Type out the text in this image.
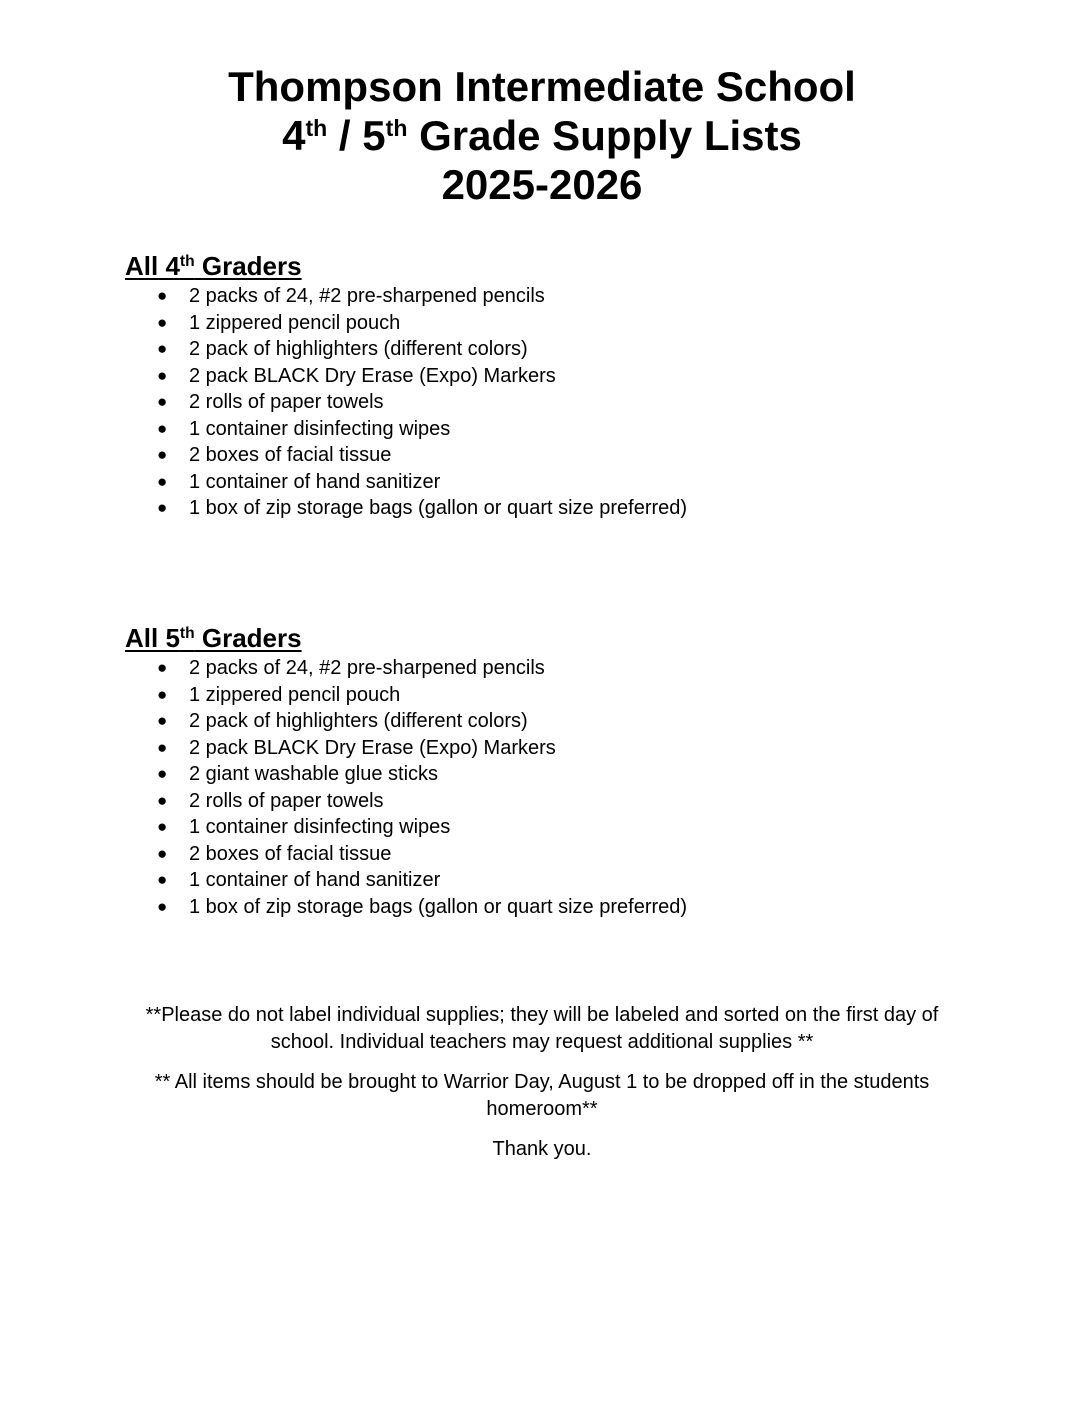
Thompson Intermediate School
4th / 5th Grade Supply Lists
2025-2026
All 4th Graders
● 2 packs of 24, #2 pre-sharpened pencils
● 1 zippered pencil pouch
● 2 pack of highlighters (different colors)
● 2 pack BLACK Dry Erase (Expo) Markers
● 2 rolls of paper towels
● 1 container disinfecting wipes
● 2 boxes of facial tissue
● 1 container of hand sanitizer
● 1 box of zip storage bags (gallon or quart size preferred)
All 5th Graders
● 2 packs of 24, #2 pre-sharpened pencils
● 1 zippered pencil pouch
● 2 pack of highlighters (different colors)
● 2 pack BLACK Dry Erase (Expo) Markers
● 2 giant washable glue sticks
● 2 rolls of paper towels
● 1 container disinfecting wipes
● 2 boxes of facial tissue
● 1 container of hand sanitizer
● 1 box of zip storage bags (gallon or quart size preferred)

**Please do not label individual supplies; they will be labeled and sorted on the first day of school. Individual teachers may request additional supplies **

** All items should be brought to Warrior Day, August 1 to be dropped off in the students homeroom**

Thank you.
